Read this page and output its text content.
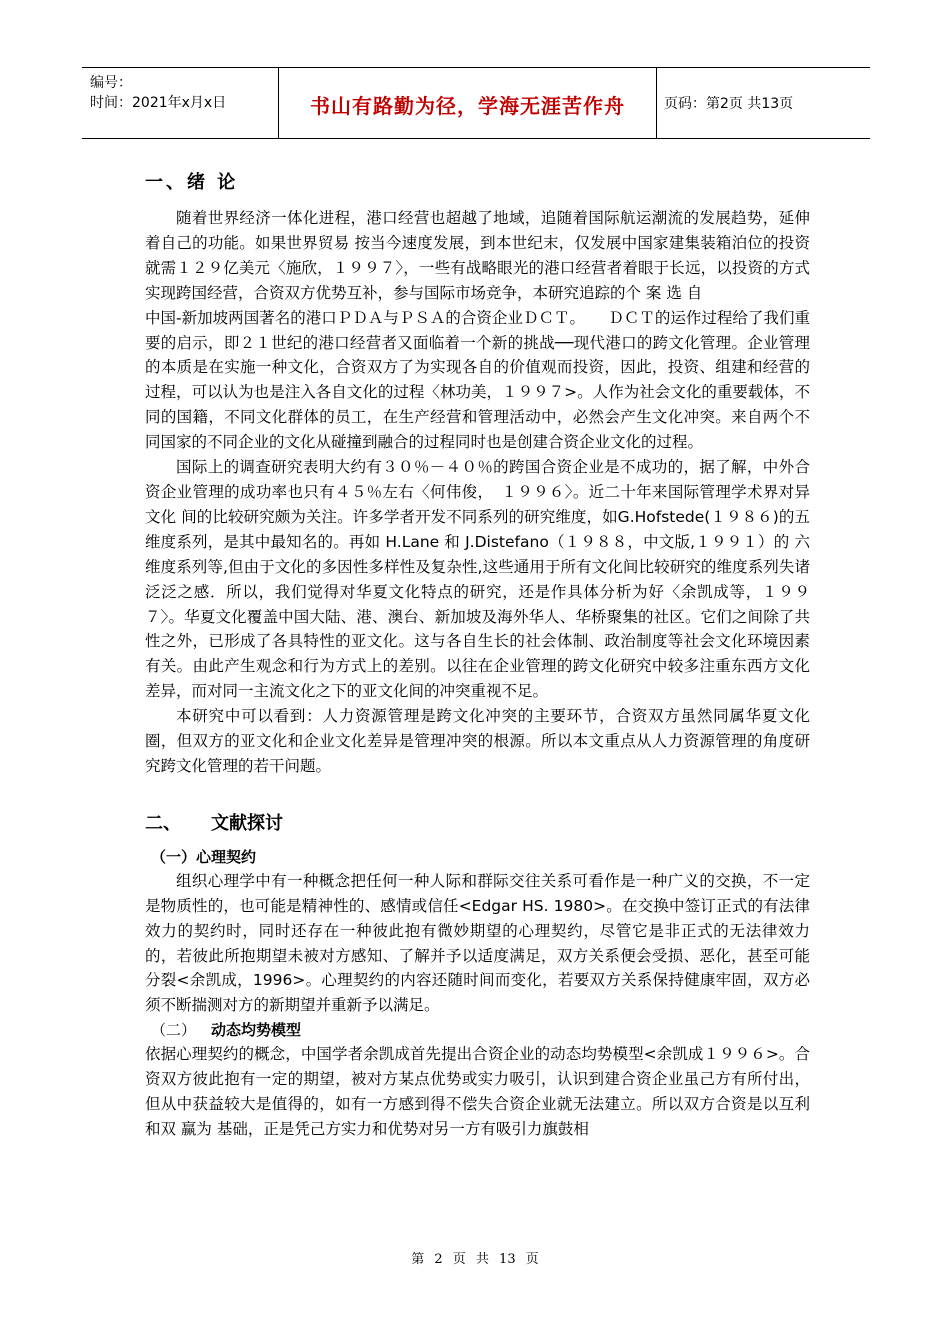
编号：
时间：2021年x月x日	书山有路勤为径，学海无涯苦作舟	页码：第2页 共13页
一、绪 论

随着世界经济一体化进程，港口经营也超越了地域，追随着国际航运潮流的发展趋势，延伸着自己的功能。如果世界贸易 按当今速度发展，到本世纪末，仅发展中国家建集装箱泊位的投资就需１２９亿美元〈施欣，１９９７〉，一些有战略眼光的港口经营者着眼于长远，以投资的方式实现跨国经营，合资双方优势互补，参与国际市场竞争，本研究追踪的个 案 选 自
中国-新加坡两国著名的港口ＰＤＡ与ＰＳＡ的合资企业ＤＣＴ。　　ＤＣＴ的运作过程给了我们重要的启示，即２１世纪的港口经营者又面临着一个新的挑战──现代港口的跨文化管理。企业管理的本质是在实施一种文化，合资双方了为实现各自的价值观而投资，因此，投资、组建和经营的过程，可以认为也是注入各自文化的过程〈林功美，１９９７>。人作为社会文化的重要载体，不同的国籍，不同文化群体的员工，在生产经营和管理活动中，必然会产生文化冲突。来自两个不同国家的不同企业的文化从碰撞到融合的过程同时也是创建合资企业文化的过程。

国际上的调查研究表明大约有３０％－４０％的跨国合资企业是不成功的，据了解，中外合资企业管理的成功率也只有４５％左右〈何伟俊，　１９９６〉。近二十年来国际管理学术界对异文化 间的比较研究颇为关注。许多学者开发不同系列的研究维度，如G.Hofstede(１９８６)的五维度系列，是其中最知名的。再如 H.Lane 和 J.Distefano（１９８８，中文版,１９９１）的 六维度系列等,但由于文化的多因性多样性及复杂性,这些通用于所有文化间比较研究的维度系列失诸泛泛之感．所以，我们觉得对华夏文化特点的研究，还是作具体分析为好〈余凯成等，１９９７〉。华夏文化覆盖中国大陆、港、澳台、新加坡及海外华人、华桥聚集的社区。它们之间除了共性之外，已形成了各具特性的亚文化。这与各自生长的社会体制、政治制度等社会文化环境因素有关。由此产生观念和行为方式上的差别。以往在企业管理的跨文化研究中较多注重东西方文化差异，而对同一主流文化之下的亚文化间的冲突重视不足。

本研究中可以看到：人力资源管理是跨文化冲突的主要环节，合资双方虽然同属华夏文化圈，但双方的亚文化和企业文化差异是管理冲突的根源。所以本文重点从人力资源管理的角度研究跨文化管理的若干问题。

二、 文献探讨
（一）心理契约

组织心理学中有一种概念把任何一种人际和群际交往关系可看作是一种广义的交换，不一定是物质性的，也可能是精神性的、感情或信任<Edgar HS. 1980>。在交换中签订正式的有法律效力的契约时，同时还存在一种彼此抱有微妙期望的心理契约，尽管它是非正式的无法律效力的，若彼此所抱期望未被对方感知、了解并予以适度满足，双方关系便会受损、恶化，甚至可能分裂<余凯成，1996>。心理契约的内容还随时间而变化，若要双方关系保持健康牢固，双方必须不断揣测对方的新期望并重新予以满足。

（二） 动态均势模型

依据心理契约的概念，中国学者余凯成首先提出合资企业的动态均势模型<余凯成１９９６>。合资双方彼此抱有一定的期望，被对方某点优势或实力吸引，认识到建合资企业虽己方有所付出，但从中获益较大是值得的，如有一方感到得不偿失合资企业就无法建立。所以双方合资是以互利和双 赢为 基础，正是凭己方实力和优势对另一方有吸引力旗鼓相

第 2 页 共 13 页
